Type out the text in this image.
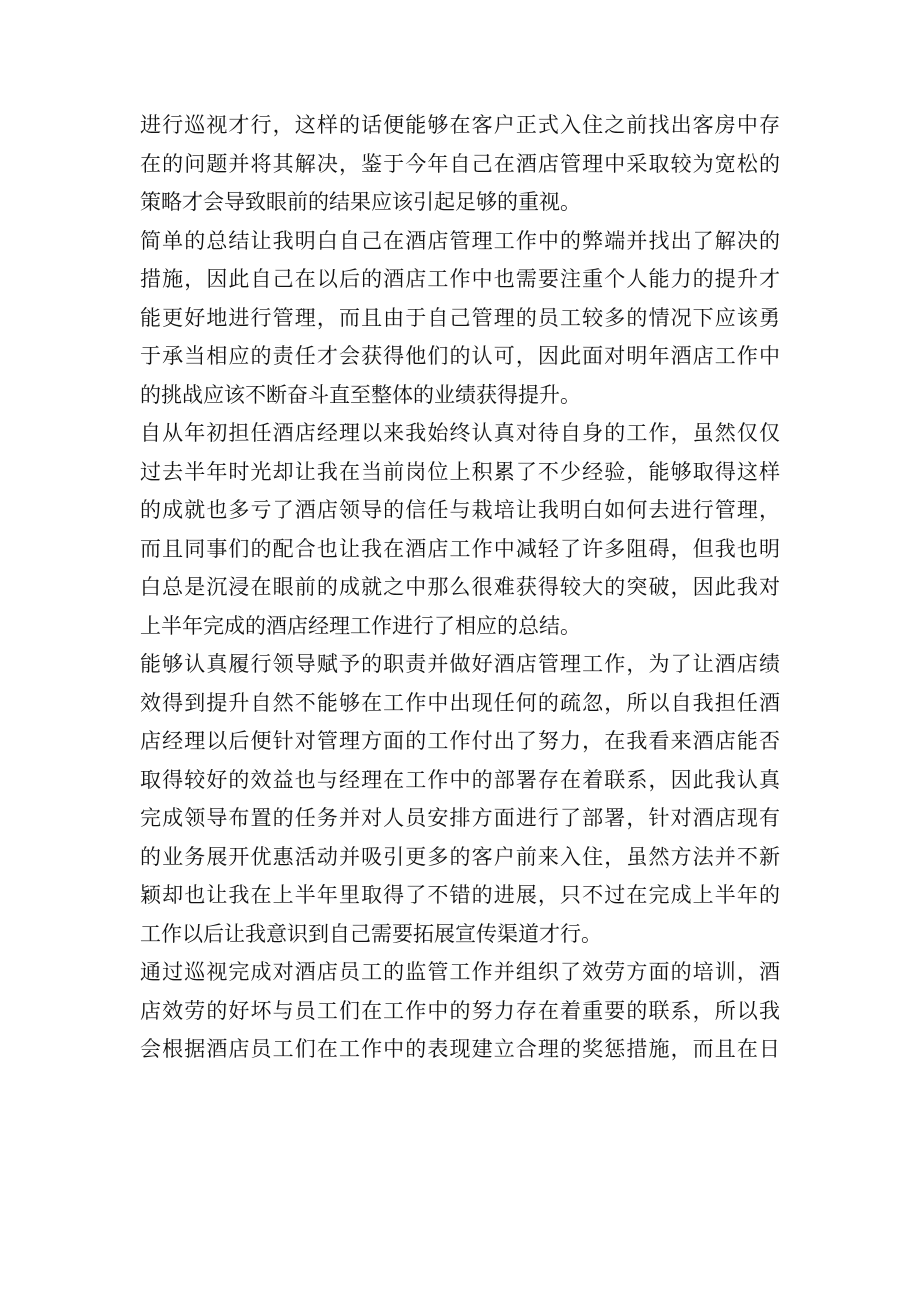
进行巡视才行，这样的话便能够在客户正式入住之前找出客房中存
在的问题并将其解决，鉴于今年自己在酒店管理中采取较为宽松的
策略才会导致眼前的结果应该引起足够的重视。
简单的总结让我明白自己在酒店管理工作中的弊端并找出了解决的
措施，因此自己在以后的酒店工作中也需要注重个人能力的提升才
能更好地进行管理，而且由于自己管理的员工较多的情况下应该勇
于承当相应的责任才会获得他们的认可，因此面对明年酒店工作中
的挑战应该不断奋斗直至整体的业绩获得提升。
自从年初担任酒店经理以来我始终认真对待自身的工作，虽然仅仅
过去半年时光却让我在当前岗位上积累了不少经验，能够取得这样
的成就也多亏了酒店领导的信任与栽培让我明白如何去进行管理，
而且同事们的配合也让我在酒店工作中减轻了许多阻碍，但我也明
白总是沉浸在眼前的成就之中那么很难获得较大的突破，因此我对
上半年完成的酒店经理工作进行了相应的总结。
能够认真履行领导赋予的职责并做好酒店管理工作，为了让酒店绩
效得到提升自然不能够在工作中出现任何的疏忽，所以自我担任酒
店经理以后便针对管理方面的工作付出了努力，在我看来酒店能否
取得较好的效益也与经理在工作中的部署存在着联系，因此我认真
完成领导布置的任务并对人员安排方面进行了部署，针对酒店现有
的业务展开优惠活动并吸引更多的客户前来入住，虽然方法并不新
颖却也让我在上半年里取得了不错的进展，只不过在完成上半年的
工作以后让我意识到自己需要拓展宣传渠道才行。
通过巡视完成对酒店员工的监管工作并组织了效劳方面的培训，酒
店效劳的好坏与员工们在工作中的努力存在着重要的联系，所以我
会根据酒店员工们在工作中的表现建立合理的奖惩措施，而且在日
